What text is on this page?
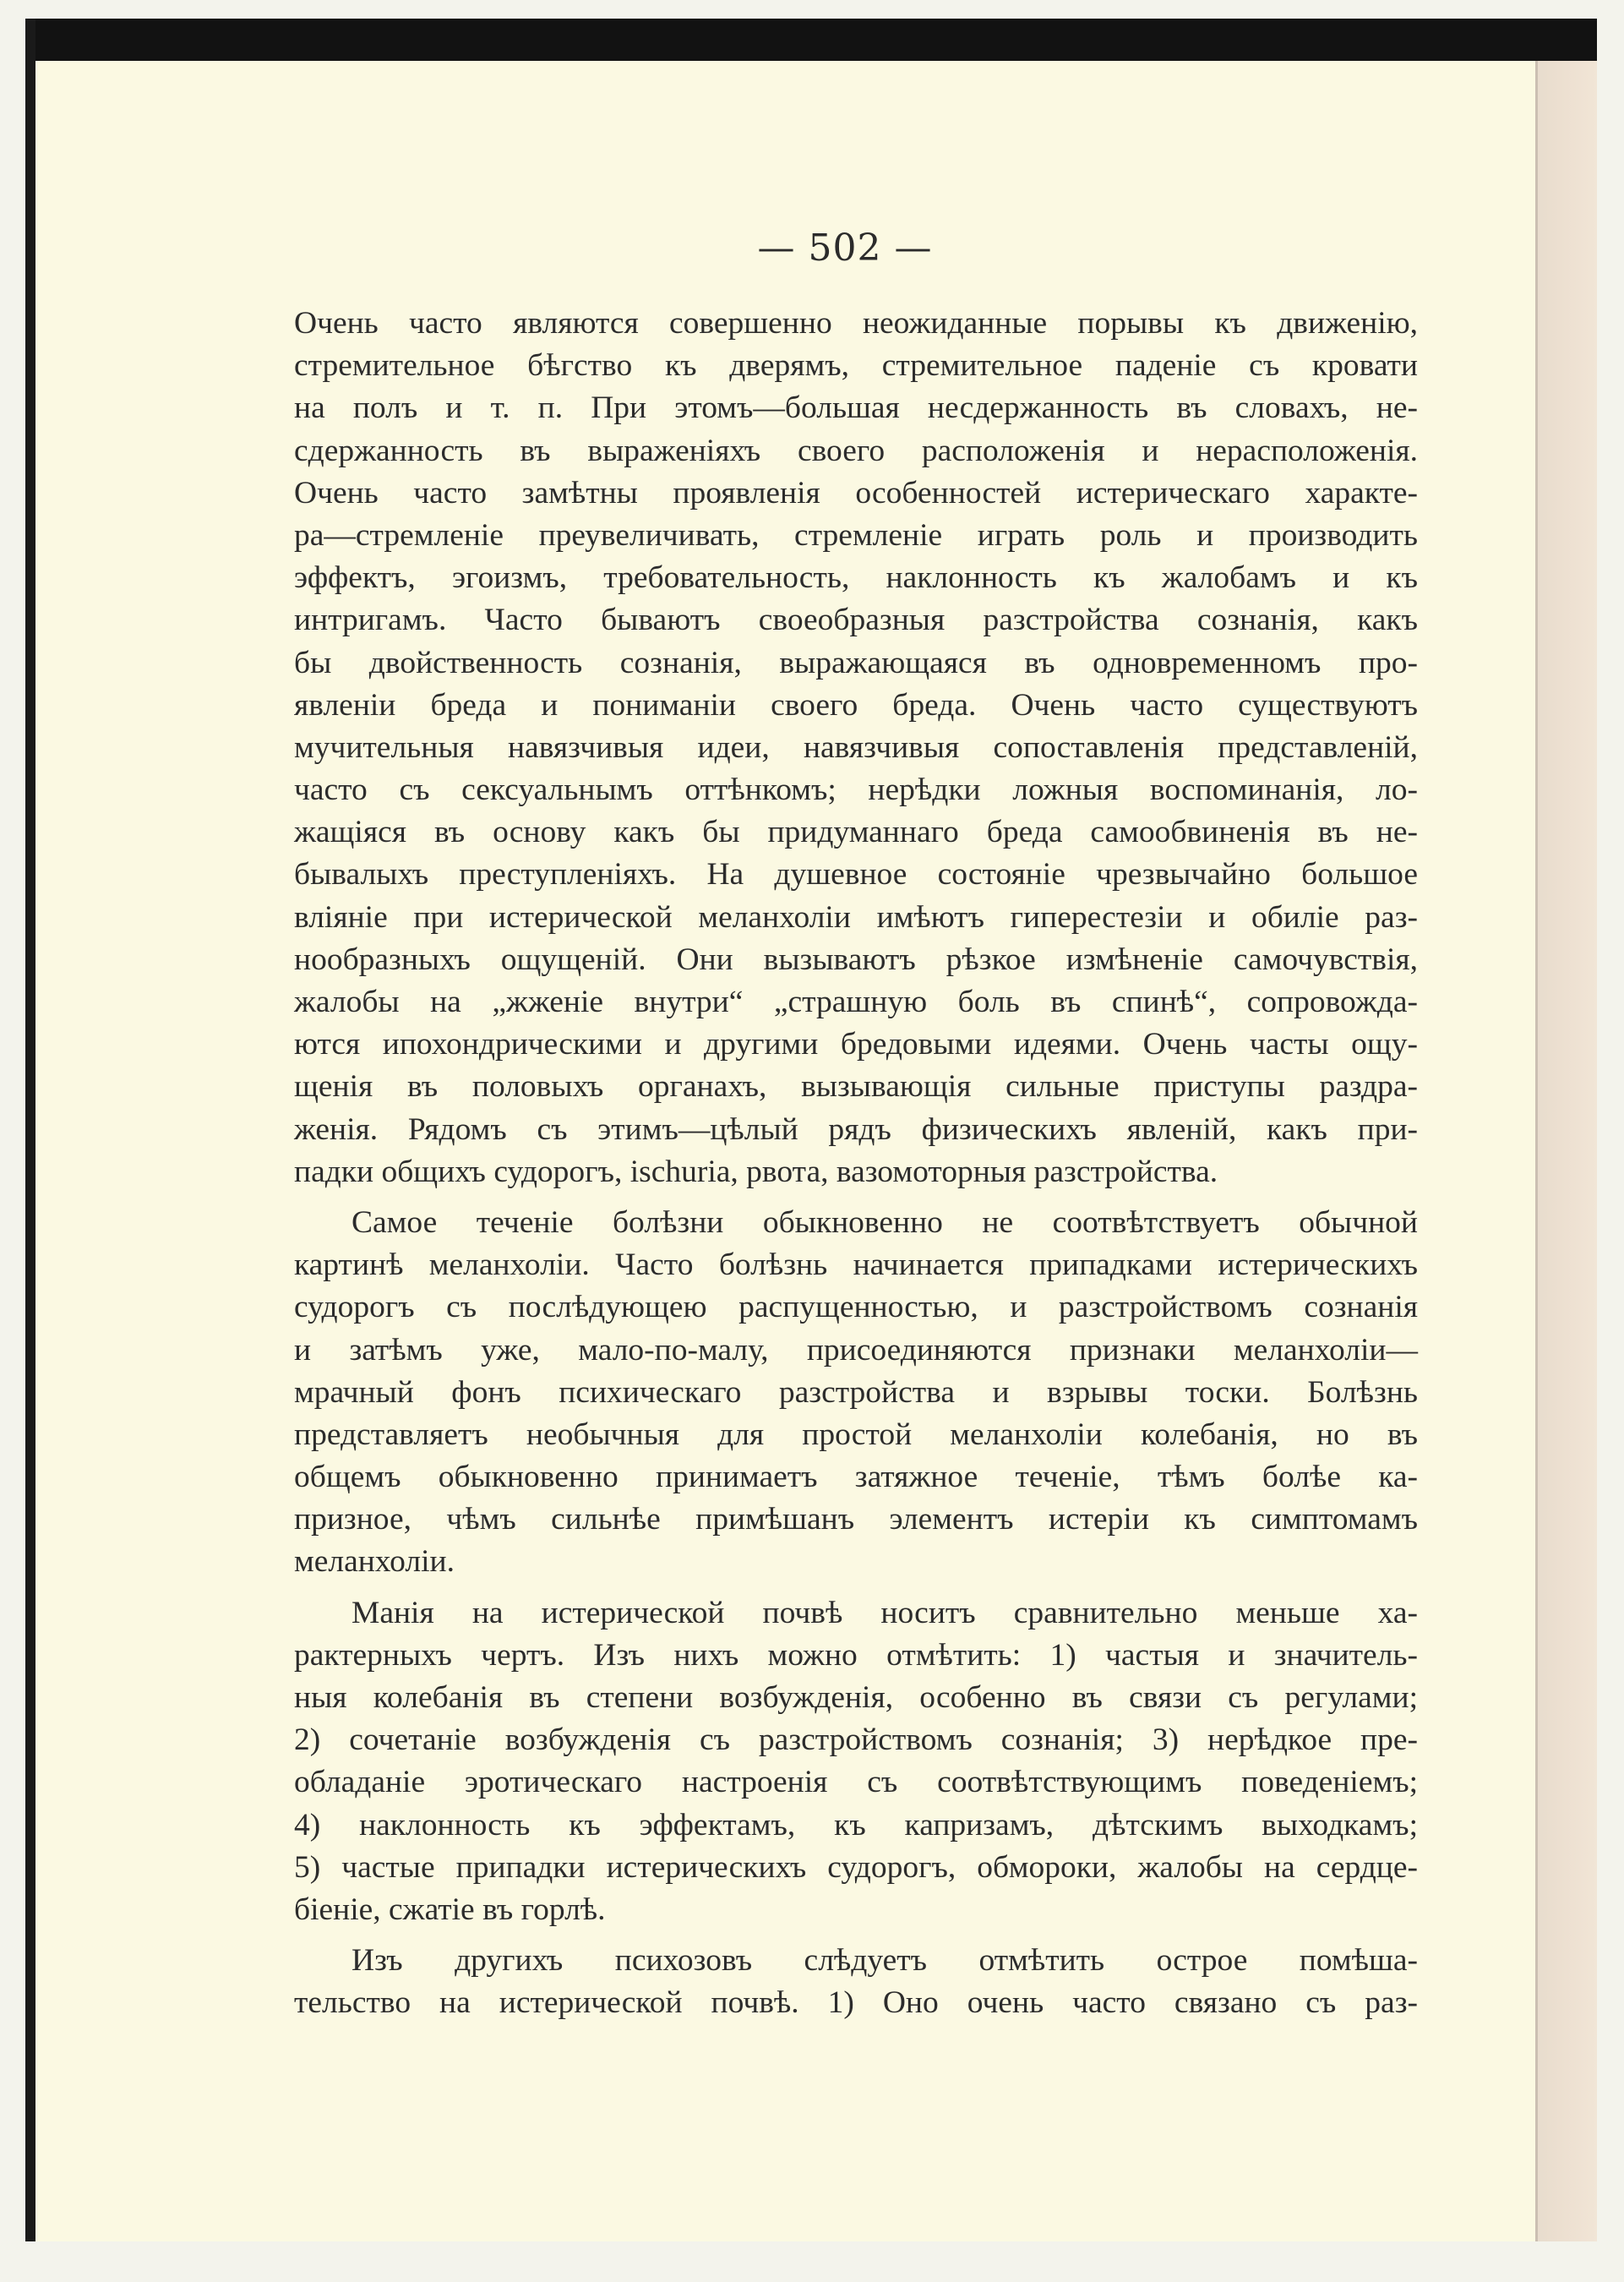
— 502 —
Очень часто являются совершенно неожиданные порывы къ движенію,
стремительное бѣгство къ дверямъ, стремительное паденіе съ кровати
на полъ и т. п. При этомъ—большая несдержанность въ словахъ, не-
сдержанность въ выраженіяхъ своего расположенія и нерасположенія.
Очень часто замѣтны проявленія особенностей истерическаго характе-
ра—стремленіе преувеличивать, стремленіе играть роль и производить
эффектъ, эгоизмъ, требовательность, наклонность къ жалобамъ и къ
интригамъ. Часто бываютъ своеобразныя разстройства сознанія, какъ
бы двойственность сознанія, выражающаяся въ одновременномъ про-
явленіи бреда и пониманіи своего бреда. Очень часто существуютъ
мучительныя навязчивыя идеи, навязчивыя сопоставленія представленій,
часто съ сексуальнымъ оттѣнкомъ; нерѣдки ложныя воспоминанія, ло-
жащіяся въ основу какъ бы придуманнаго бреда самообвиненія въ не-
бывалыхъ преступленіяхъ. На душевное состояніе чрезвычайно большое
вліяніе при истерической меланхоліи имѣютъ гиперестезіи и обиліе раз-
нообразныхъ ощущеній. Они вызываютъ рѣзкое измѣненіе самочувствія,
жалобы на „жженіе внутри“ „страшную боль въ спинѣ“, сопровожда-
ются ипохондрическими и другими бредовыми идеями. Очень часты ощу-
щенія въ половыхъ органахъ, вызывающія сильные приступы раздра-
женія. Рядомъ съ этимъ—цѣлый рядъ физическихъ явленій, какъ при-
падки общихъ судорогъ, ischuria, рвота, вазомоторныя разстройства.
Самое теченіе болѣзни обыкновенно не соотвѣтствуетъ обычной
картинѣ меланхоліи. Часто болѣзнь начинается припадками истерическихъ
судорогъ съ послѣдующею распущенностью, и разстройствомъ сознанія
и затѣмъ уже, мало-по-малу, присоединяются признаки меланхоліи—
мрачный фонъ психическаго разстройства и взрывы тоски. Болѣзнь
представляетъ необычныя для простой меланхоліи колебанія, но въ
общемъ обыкновенно принимаетъ затяжное теченіе, тѣмъ болѣе ка-
призное, чѣмъ сильнѣе примѣшанъ элементъ истеріи къ симптомамъ
меланхоліи.
Манія на истерической почвѣ носитъ сравнительно меньше ха-
рактерныхъ чертъ. Изъ нихъ можно отмѣтить: 1) частыя и значитель-
ныя колебанія въ степени возбужденія, особенно въ связи съ регулами;
2) сочетаніе возбужденія съ разстройствомъ сознанія; 3) нерѣдкое пре-
обладаніе эротическаго настроенія съ соотвѣтствующимъ поведеніемъ;
4) наклонность къ эффектамъ, къ капризамъ, дѣтскимъ выходкамъ;
5) частые припадки истерическихъ судорогъ, обмороки, жалобы на сердце-
біеніе, сжатіе въ горлѣ.
Изъ другихъ психозовъ слѣдуетъ отмѣтить острое помѣша-
тельство на истерической почвѣ. 1) Оно очень часто связано съ раз-
